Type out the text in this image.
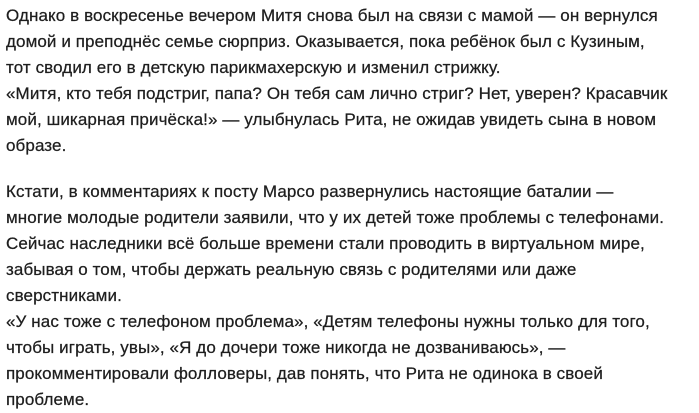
Однако в воскресенье вечером Митя снова был на связи с мамой — он вернулся
домой и преподнёс семье сюрприз. Оказывается, пока ребёнок был с Кузиным,
тот сводил его в детскую парикмахерскую и изменил стрижку.
«Митя, кто тебя подстриг, папа? Он тебя сам лично стриг? Нет, уверен? Красавчик
мой, шикарная причёска!» — улыбнулась Рита, не ожидав увидеть сына в новом
образе.
Кстати, в комментариях к посту Марсо развернулись настоящие баталии —
многие молодые родители заявили, что у их детей тоже проблемы с телефонами.
Сейчас наследники всё больше времени стали проводить в виртуальном мире,
забывая о том, чтобы держать реальную связь с родителями или даже
сверстниками.
«У нас тоже с телефоном проблема», «Детям телефоны нужны только для того,
чтобы играть, увы», «Я до дочери тоже никогда не дозваниваюсь», —
прокомментировали фолловеры, дав понять, что Рита не одинока в своей
проблеме.
